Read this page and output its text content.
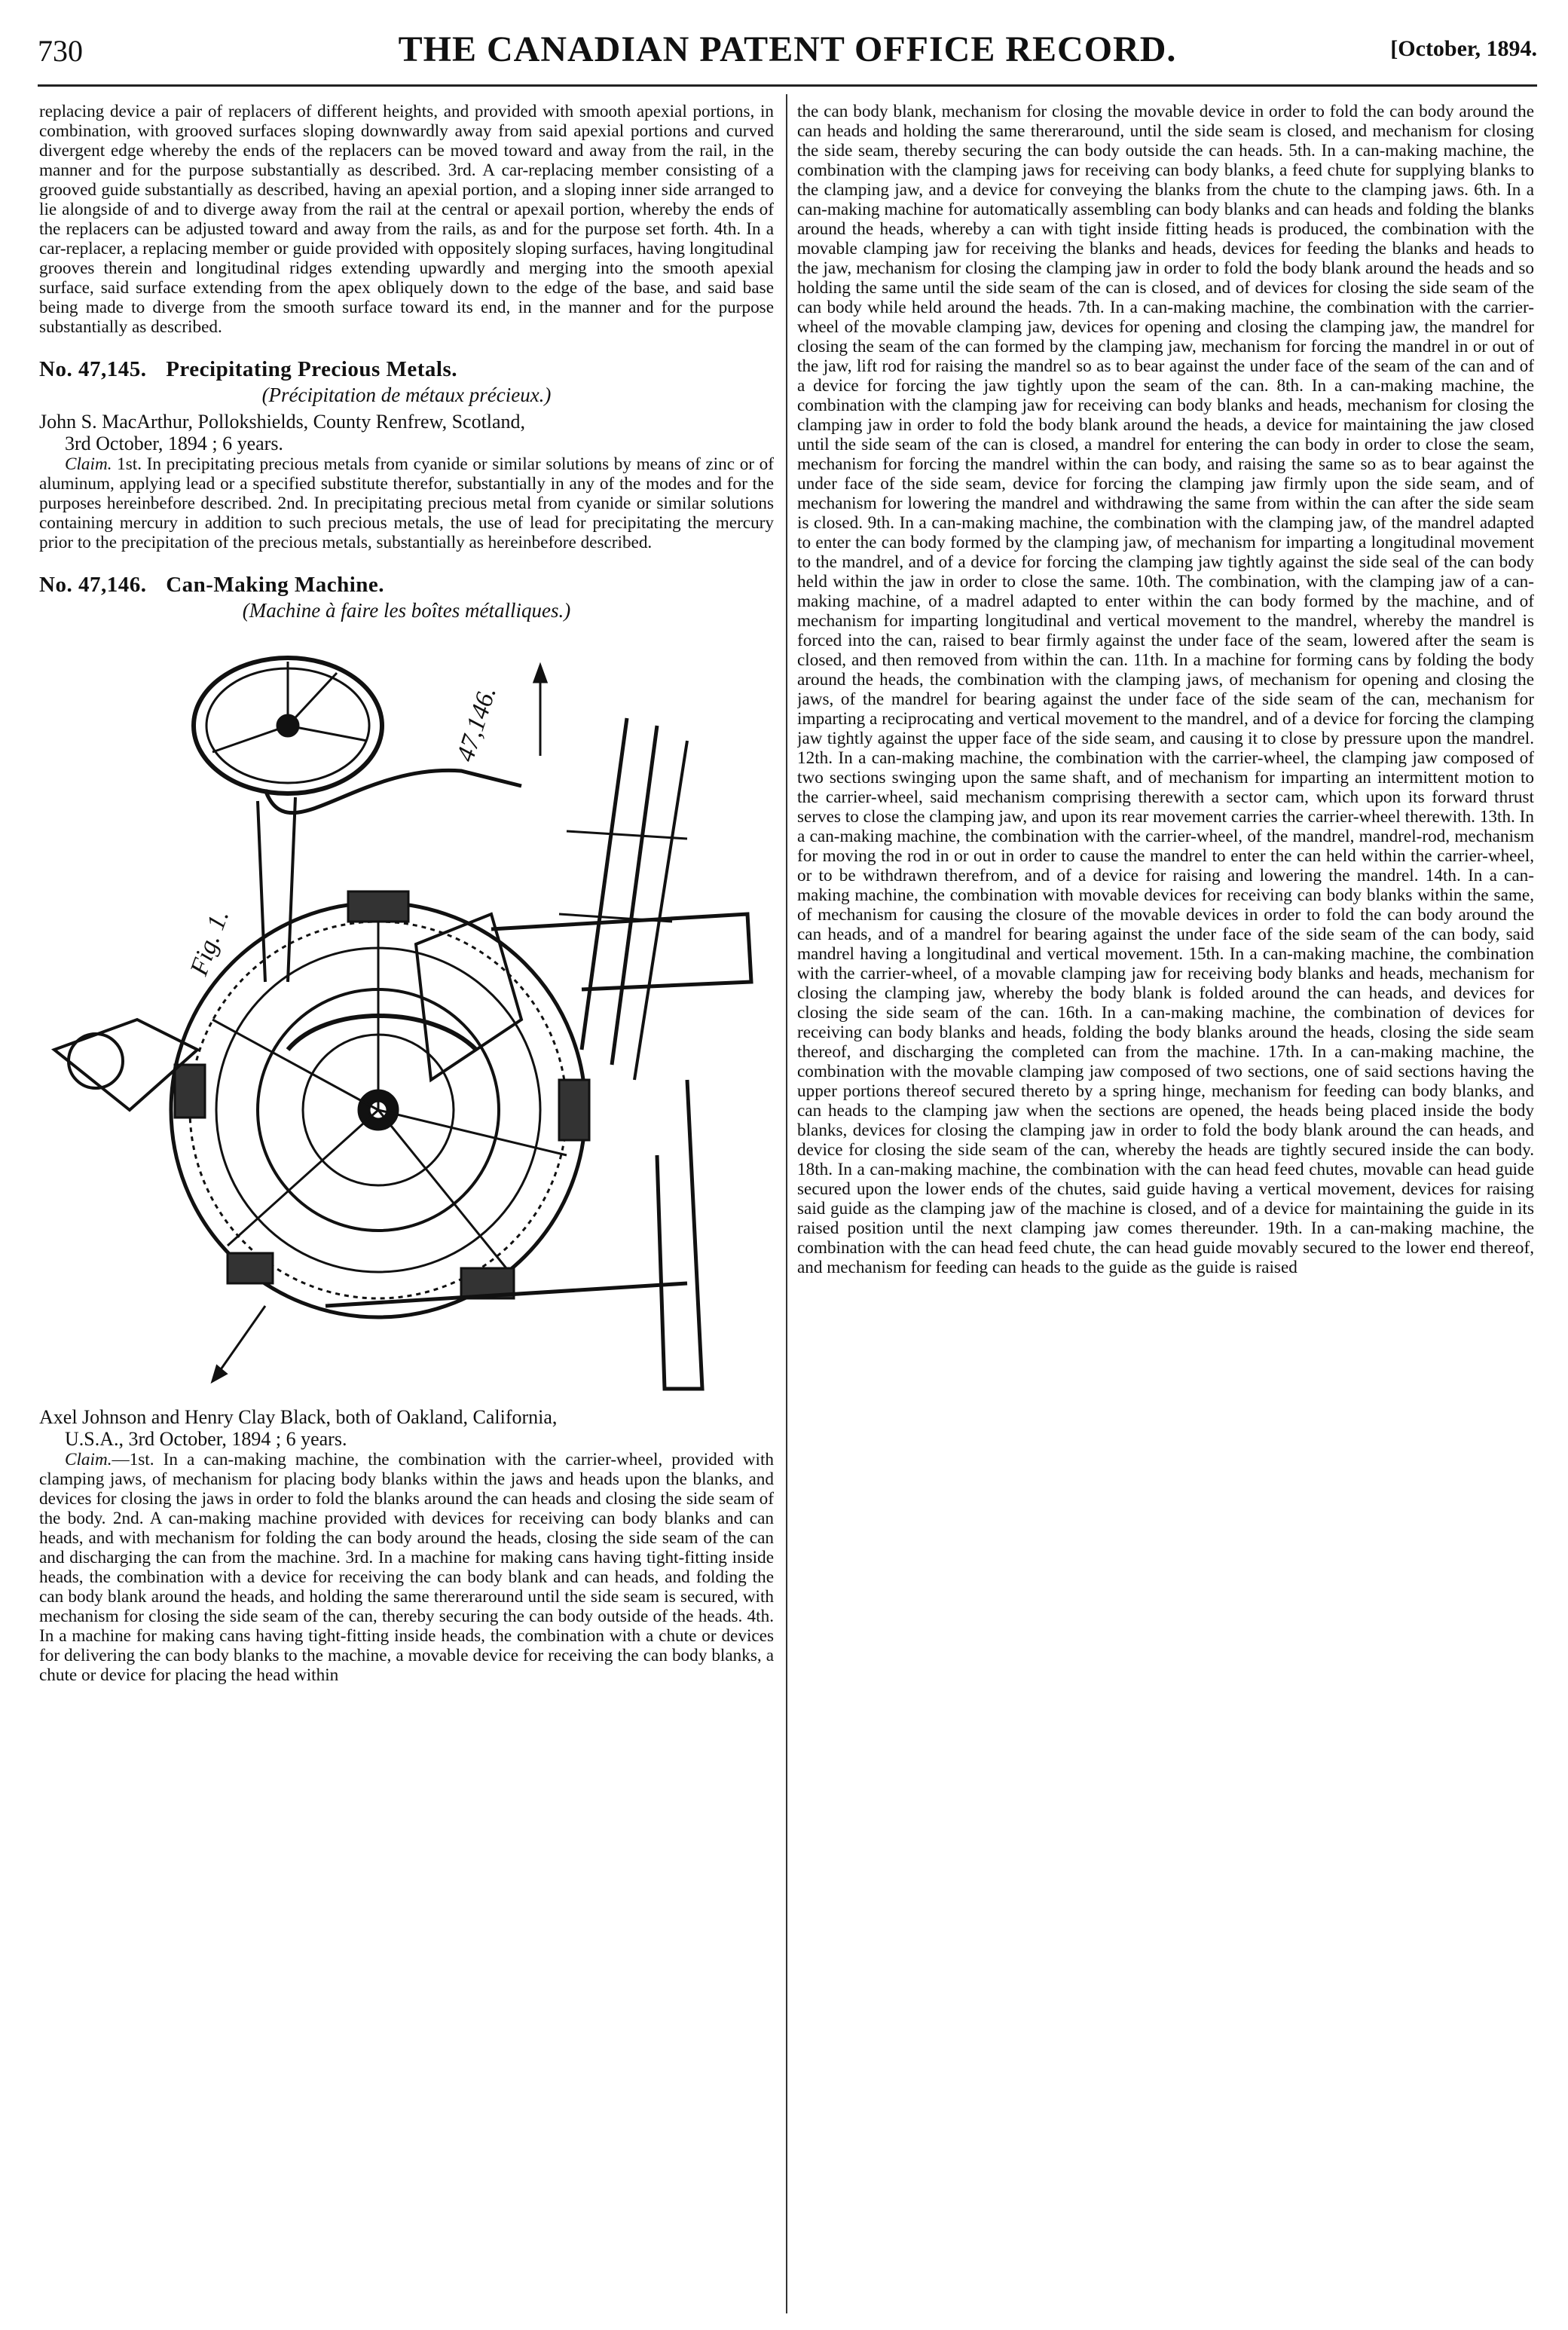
730	THE CANADIAN PATENT OFFICE RECORD.	[October, 1894.

replacing device a pair of replacers of different heights, and provided with smooth apexial portions, in combination, with grooved surfaces sloping downwardly away from said apexial portions and curved divergent edge whereby the ends of the replacers can be moved toward and away from the rail, in the manner and for the purpose substantially as described. 3rd. A car-replacing member consisting of a grooved guide substantially as described, having an apexial portion, and a sloping inner side arranged to lie alongside of and to diverge away from the rail at the central or apexail portion, whereby the ends of the replacers can be adjusted toward and away from the rails, as and for the purpose set forth. 4th. In a car-replacer, a replacing member or guide provided with oppositely sloping surfaces, having longitudinal grooves therein and longitudinal ridges extending upwardly and merging into the smooth apexial surface, said surface extending from the apex obliquely down to the edge of the base, and said base being made to diverge from the smooth surface toward its end, in the manner and for the purpose substantially as described.

No. 47,145. Precipitating Precious Metals.
(Précipitation de métaux précieux.)

John S. MacArthur, Pollokshields, County Renfrew, Scotland,
3rd October, 1894 ; 6 years.

Claim. 1st. In precipitating precious metals from cyanide or similar solutions by means of zinc or of aluminum, applying lead or a specified substitute therefor, substantially in any of the modes and for the purposes hereinbefore described. 2nd. In precipitating precious metal from cyanide or similar solutions containing mercury in addition to such precious metals, the use of lead for precipitating the mercury prior to the precipitation of the precious metals, substantially as hereinbefore described.

No. 47,146. Can-Making Machine.
(Machine à faire les boîtes métalliques.)
Fig. 1.
47,146.

Axel Johnson and Henry Clay Black, both of Oakland, California,
U.S.A., 3rd October, 1894 ; 6 years.

Claim.—1st. In a can-making machine, the combination with the carrier-wheel, provided with clamping jaws, of mechanism for placing body blanks within the jaws and heads upon the blanks, and devices for closing the jaws in order to fold the blanks around the can heads and closing the side seam of the body. 2nd. A can-making machine provided with devices for receiving can body blanks and can heads, and with mechanism for folding the can body around the heads, closing the side seam of the can and discharging the can from the machine. 3rd. In a machine for making cans having tight-fitting inside heads, the combination with a device for receiving the can body blank and can heads, and folding the can body blank around the heads, and holding the same thereraround until the side seam is secured, with mechanism for closing the side seam of the can, thereby securing the can body outside of the heads. 4th. In a machine for making cans having tight-fitting inside heads, the combination with a chute or devices for delivering the can body blanks to the machine, a movable device for receiving the can body blanks, a chute or device for placing the head within

the can body blank, mechanism for closing the movable device in order to fold the can body around the can heads and holding the same thereraround, until the side seam is closed, and mechanism for closing the side seam, thereby securing the can body outside the can heads. 5th. In a can-making machine, the combination with the clamping jaws for receiving can body blanks, a feed chute for supplying blanks to the clamping jaw, and a device for conveying the blanks from the chute to the clamping jaws. 6th. In a can-making machine for automatically assembling can body blanks and can heads and folding the blanks around the heads, whereby a can with tight inside fitting heads is produced, the combination with the movable clamping jaw for receiving the blanks and heads, devices for feeding the blanks and heads to the jaw, mechanism for closing the clamping jaw in order to fold the body blank around the heads and so holding the same until the side seam of the can is closed, and of devices for closing the side seam of the can body while held around the heads. 7th. In a can-making machine, the combination with the carrier-wheel of the movable clamping jaw, devices for opening and closing the clamping jaw, the mandrel for closing the seam of the can formed by the clamping jaw, mechanism for forcing the mandrel in or out of the jaw, lift rod for raising the mandrel so as to bear against the under face of the seam of the can and of a device for forcing the jaw tightly upon the seam of the can. 8th. In a can-making machine, the combination with the clamping jaw for receiving can body blanks and heads, mechanism for closing the clamping jaw in order to fold the body blank around the heads, a device for maintaining the jaw closed until the side seam of the can is closed, a mandrel for entering the can body in order to close the seam, mechanism for forcing the mandrel within the can body, and raising the same so as to bear against the under face of the side seam, device for forcing the clamping jaw firmly upon the side seam, and of mechanism for lowering the mandrel and withdrawing the same from within the can after the side seam is closed. 9th. In a can-making machine, the combination with the clamping jaw, of the mandrel adapted to enter the can body formed by the clamping jaw, of mechanism for imparting a longitudinal movement to the mandrel, and of a device for forcing the clamping jaw tightly against the side seal of the can body held within the jaw in order to close the same. 10th. The combination, with the clamping jaw of a can-making machine, of a madrel adapted to enter within the can body formed by the machine, and of mechanism for imparting longitudinal and vertical movement to the mandrel, whereby the mandrel is forced into the can, raised to bear firmly against the under face of the seam, lowered after the seam is closed, and then removed from within the can. 11th. In a machine for forming cans by folding the body around the heads, the combination with the clamping jaws, of mechanism for opening and closing the jaws, of the mandrel for bearing against the under face of the side seam of the can, mechanism for imparting a reciprocating and vertical movement to the mandrel, and of a device for forcing the clamping jaw tightly against the upper face of the side seam, and causing it to close by pressure upon the mandrel. 12th. In a can-making machine, the combination with the carrier-wheel, the clamping jaw composed of two sections swinging upon the same shaft, and of mechanism for imparting an intermittent motion to the carrier-wheel, said mechanism comprising therewith a sector cam, which upon its forward thrust serves to close the clamping jaw, and upon its rear movement carries the carrier-wheel therewith. 13th. In a can-making machine, the combination with the carrier-wheel, of the mandrel, mandrel-rod, mechanism for moving the rod in or out in order to cause the mandrel to enter the can held within the carrier-wheel, or to be withdrawn therefrom, and of a device for raising and lowering the mandrel. 14th. In a can-making machine, the combination with movable devices for receiving can body blanks within the same, of mechanism for causing the closure of the movable devices in order to fold the can body around the can heads, and of a mandrel for bearing against the under face of the side seam of the can body, said mandrel having a longitudinal and vertical movement. 15th. In a can-making machine, the combination with the carrier-wheel, of a movable clamping jaw for receiving body blanks and heads, mechanism for closing the clamping jaw, whereby the body blank is folded around the can heads, and devices for closing the side seam of the can. 16th. In a can-making machine, the combination of devices for receiving can body blanks and heads, folding the body blanks around the heads, closing the side seam thereof, and discharging the completed can from the machine. 17th. In a can-making machine, the combination with the movable clamping jaw composed of two sections, one of said sections having the upper portions thereof secured thereto by a spring hinge, mechanism for feeding can body blanks, and can heads to the clamping jaw when the sections are opened, the heads being placed inside the body blanks, devices for closing the clamping jaw in order to fold the body blank around the can heads, and device for closing the side seam of the can, whereby the heads are tightly secured inside the can body. 18th. In a can-making machine, the combination with the can head feed chutes, movable can head guide secured upon the lower ends of the chutes, said guide having a vertical movement, devices for raising said guide as the clamping jaw of the machine is closed, and of a device for maintaining the guide in its raised position until the next clamping jaw comes thereunder. 19th. In a can-making machine, the combination with the can head feed chute, the can head guide movably secured to the lower end thereof, and mechanism for feeding can heads to the guide as the guide is raised
